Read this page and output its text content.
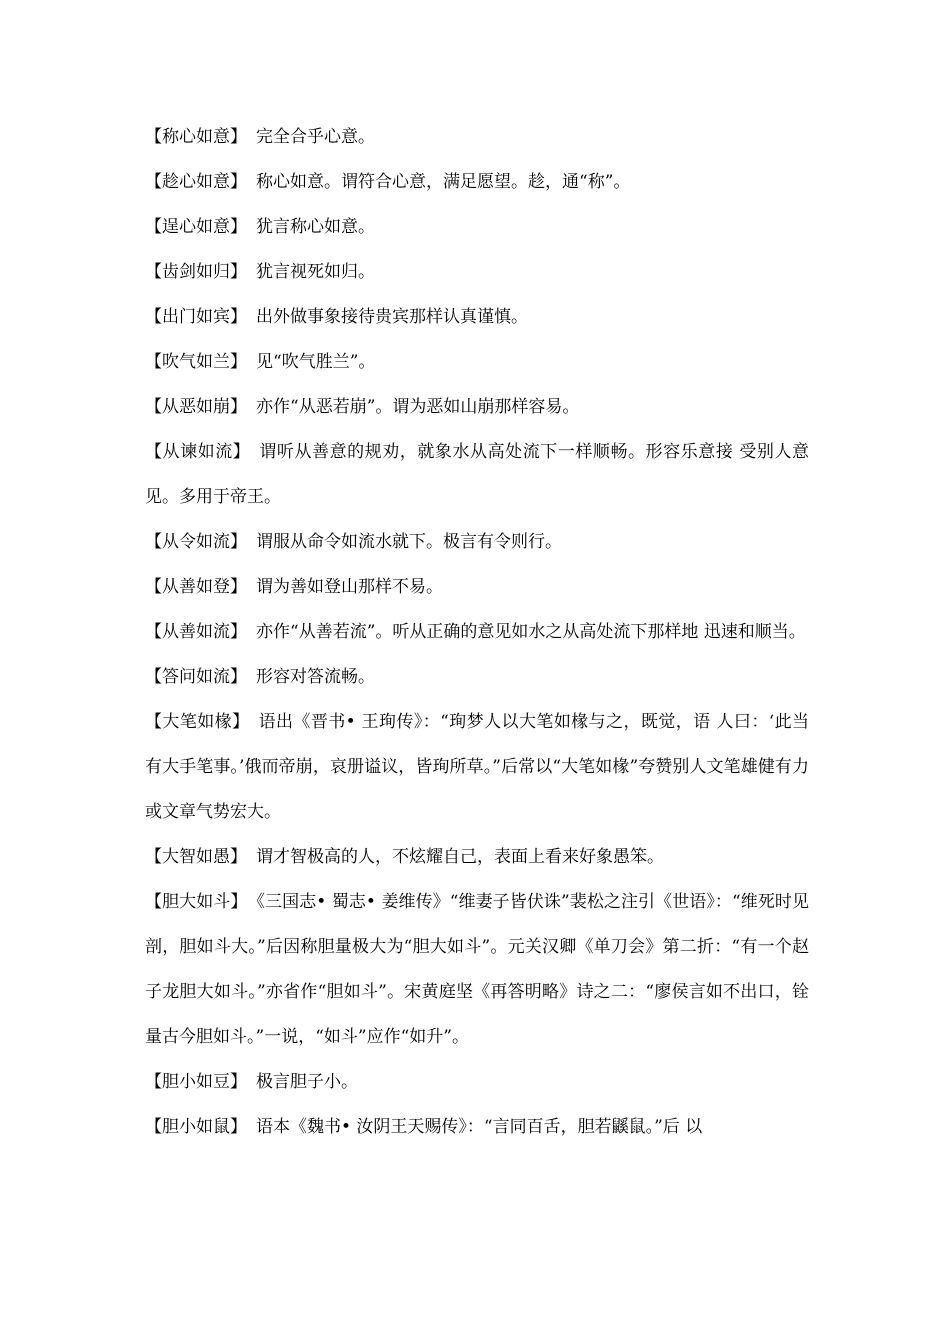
【称心如意】 完全合乎心意。

【趁心如意】 称心如意。谓符合心意，满足愿望。趁，通“称”。

【逞心如意】 犹言称心如意。

【齿剑如归】 犹言视死如归。

【出门如宾】 出外做事象接待贵宾那样认真谨慎。

【吹气如兰】 见“吹气胜兰”。

【从恶如崩】 亦作“从恶若崩”。谓为恶如山崩那样容易。

【从谏如流】 谓听从善意的规劝，就象水从高处流下一样顺畅。形容乐意接 受别人意见。多用于帝王。

【从令如流】 谓服从命令如流水就下。极言有令则行。

【从善如登】 谓为善如登山那样不易。

【从善如流】 亦作“从善若流”。听从正确的意见如水之从高处流下那样地 迅速和顺当。

【答问如流】 形容对答流畅。

【大笔如椽】 语出《晋书• 王珣传》：“珣梦人以大笔如椽与之，既觉，语 人曰：‘此当有大手笔事。’俄而帝崩，哀册谥议，皆珣所草。”后常以“大笔如椽”夸赞别人文笔雄健有力或文章气势宏大。

【大智如愚】 谓才智极高的人，不炫耀自己，表面上看来好象愚笨。

【胆大如斗】 《三国志• 蜀志• 姜维传》“维妻子皆伏诛”裴松之注引《世语》：“维死时见剖，胆如斗大。”后因称胆量极大为“胆大如斗”。元关汉卿《单刀会》第二折：“有一个赵子龙胆大如斗。”亦省作“胆如斗”。宋黄庭坚《再答明略》诗之二：“廖侯言如不出口，铨量古今胆如斗。”一说，“如斗”应作“如升”。

【胆小如豆】 极言胆子小。

【胆小如鼠】 语本《魏书• 汝阴王天赐传》：“言同百舌，胆若鼷鼠。”后 以
